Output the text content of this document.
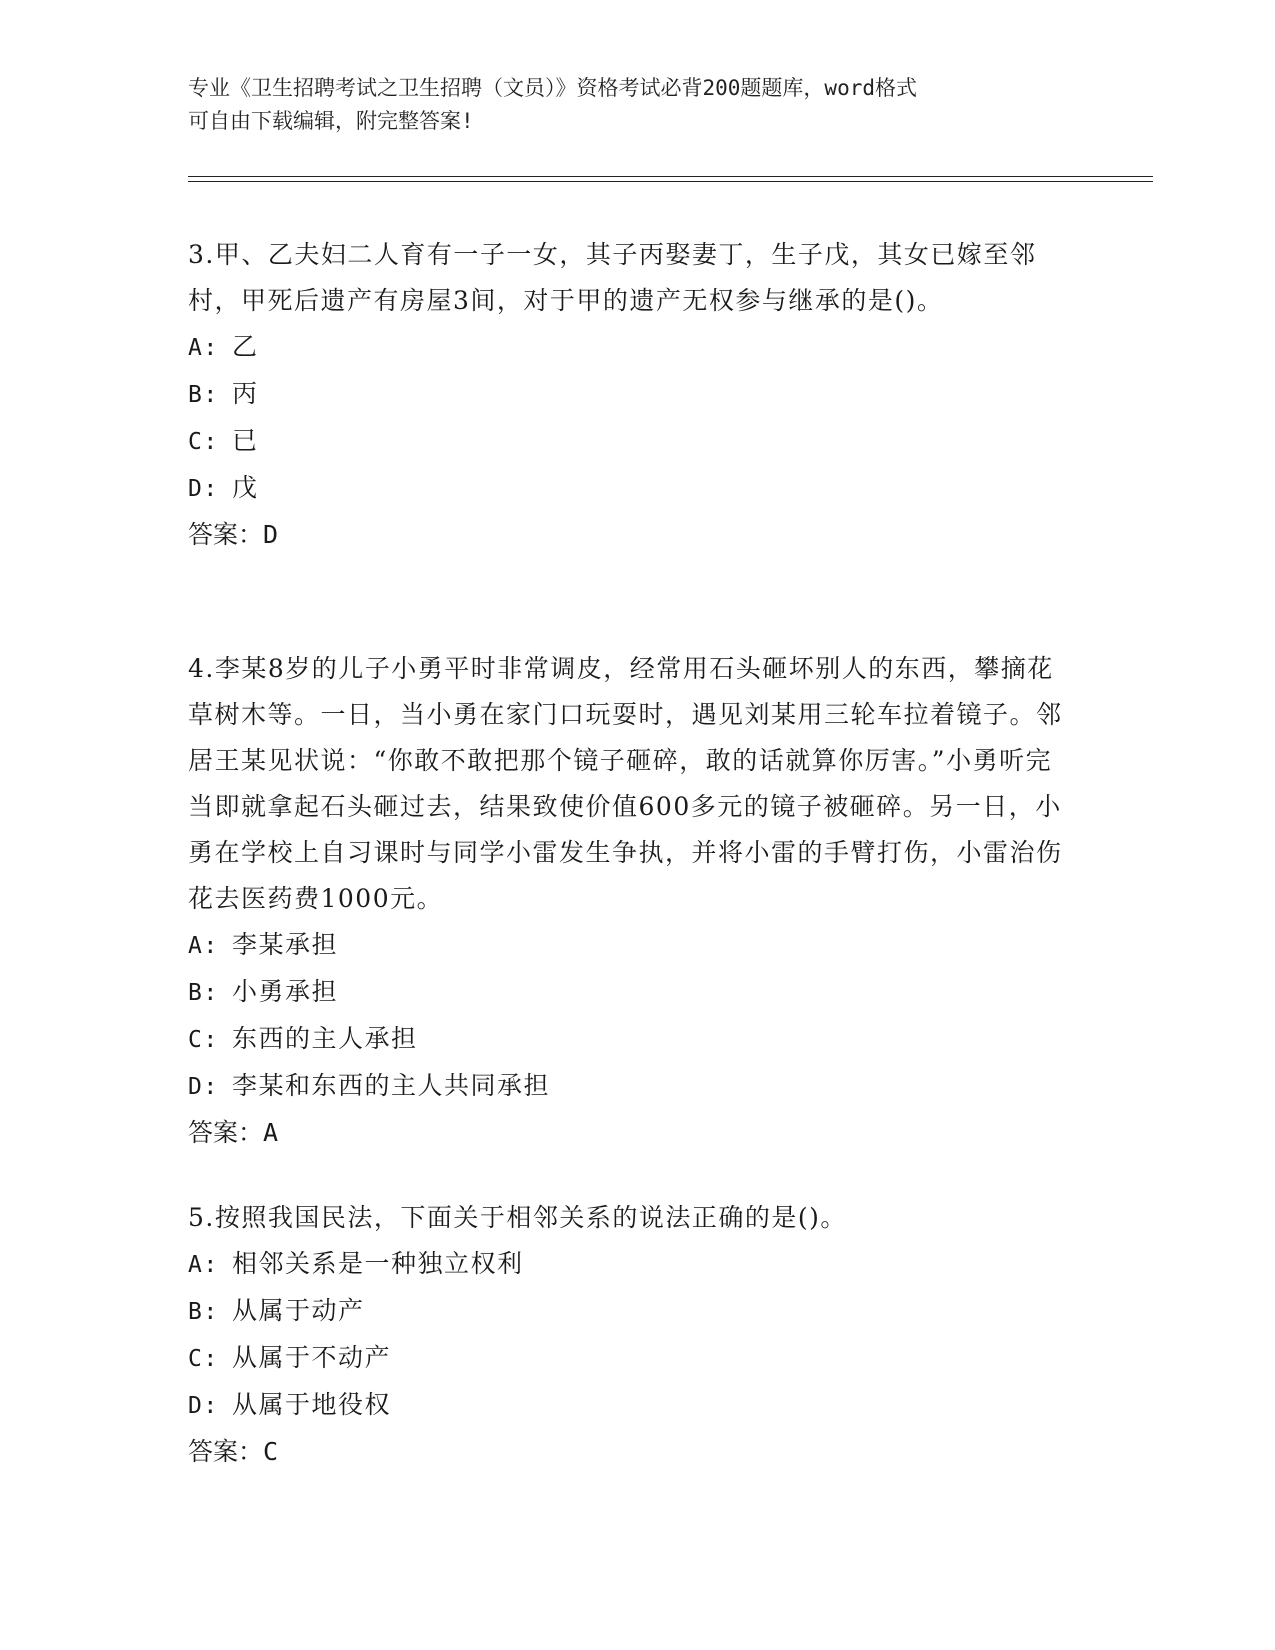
专业《卫生招聘考试之卫生招聘（文员）》资格考试必背200题题库，word格式
可自由下载编辑，附完整答案!

3.甲、乙夫妇二人育有一子一女，其子丙娶妻丁，生子戊，其女已嫁至邻村，甲死后遗产有房屋3间，对于甲的遗产无权参与继承的是()。

A: 乙

B: 丙

C: 已

D: 戊

答案：D

4.李某8岁的儿子小勇平时非常调皮，经常用石头砸坏别人的东西，攀摘花草树木等。一日，当小勇在家门口玩耍时，遇见刘某用三轮车拉着镜子。邻居王某见状说：“你敢不敢把那个镜子砸碎，敢的话就算你厉害。”小勇听完当即就拿起石头砸过去，结果致使价值600多元的镜子被砸碎。另一日，小勇在学校上自习课时与同学小雷发生争执，并将小雷的手臂打伤，小雷治伤花去医药费1000元。

A: 李某承担

B: 小勇承担

C: 东西的主人承担

D: 李某和东西的主人共同承担

答案：A

5.按照我国民法，下面关于相邻关系的说法正确的是()。

A: 相邻关系是一种独立权利

B: 从属于动产

C: 从属于不动产

D: 从属于地役权

答案：C
